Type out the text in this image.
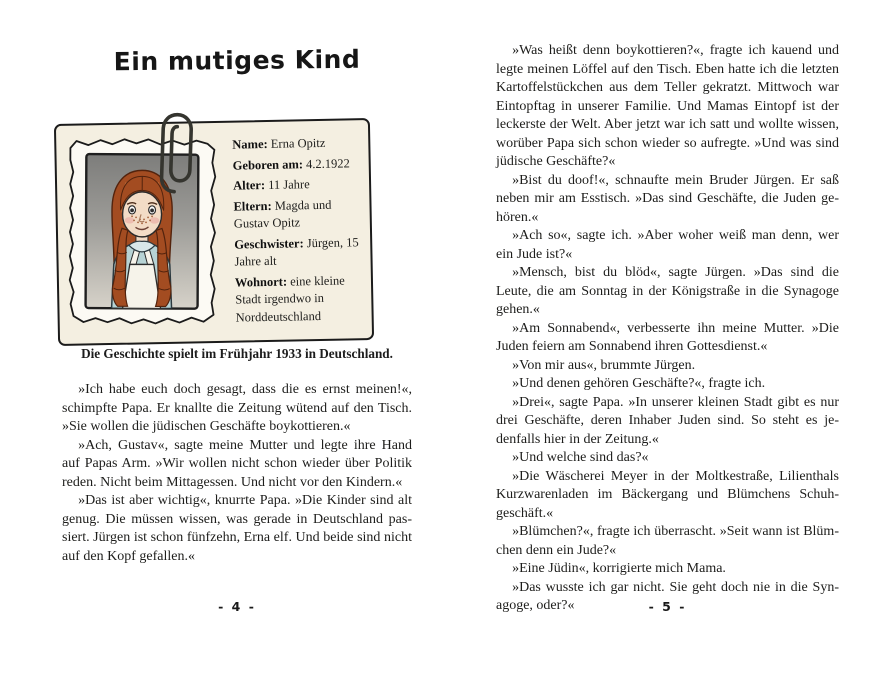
Ein mutiges Kind

Name: Erna Opitz

Geboren am: 4.2.1922

Alter: 11 Jahre

Eltern: Magda und Gustav Opitz

Geschwister: Jürgen, 15 Jahre alt

Wohnort: eine kleine Stadt irgendwo in Norddeutschland

Die Geschichte spielt im Frühjahr 1933 in Deutschland.

»Ich habe euch doch gesagt, dass die es ernst meinen!«, schimpfte Papa. Er knallte die Zeitung wütend auf den Tisch. »Sie wollen die jüdischen Geschäfte boykottieren.«

»Ach, Gustav«, sagte meine Mutter und legte ihre Hand auf Papas Arm. »Wir wollen nicht schon wieder über Politik reden. Nicht beim Mittagessen. Und nicht vor den Kindern.«

»Das ist aber wichtig«, knurrte Papa. »Die Kinder sind alt genug. Die müssen wissen, was gerade in Deutschland passiert. Jürgen ist schon fünfzehn, Erna elf. Und beide sind nicht auf den Kopf gefallen.«

- 4 -

»Was heißt denn boykottieren?«, fragte ich kauend und legte meinen Löffel auf den Tisch. Eben hatte ich die letzten Kartoffelstückchen aus dem Teller gekratzt. Mittwoch war Eintopftag in unserer Familie. Und Mamas Eintopf ist der leckerste der Welt. Aber jetzt war ich satt und wollte wissen, worüber Papa sich schon wieder so aufregte. »Und was sind jüdische Geschäfte?«

»Bist du doof!«, schnaufte mein Bruder Jürgen. Er saß neben mir am Esstisch. »Das sind Geschäfte, die Juden gehören.«

»Ach so«, sagte ich. »Aber woher weiß man denn, wer ein Jude ist?«

»Mensch, bist du blöd«, sagte Jürgen. »Das sind die Leute, die am Sonntag in der Königstraße in die Synagoge gehen.«

»Am Sonnabend«, verbesserte ihn meine Mutter. »Die Juden feiern am Sonnabend ihren Gottesdienst.«

»Von mir aus«, brummte Jürgen.

»Und denen gehören Geschäfte?«, fragte ich.

»Drei«, sagte Papa. »In unserer kleinen Stadt gibt es nur drei Geschäfte, deren Inhaber Juden sind. So steht es jedenfalls hier in der Zeitung.«

»Und welche sind das?«

»Die Wäscherei Meyer in der Moltkestraße, Lilienthals Kurzwarenladen im Bäckergang und Blümchens Schuhgeschäft.«

»Blümchen?«, fragte ich überrascht. »Seit wann ist Blümchen denn ein Jude?«

»Eine Jüdin«, korrigierte mich Mama.

»Das wusste ich gar nicht. Sie geht doch nie in die Synagoge, oder?«	- 5 -
